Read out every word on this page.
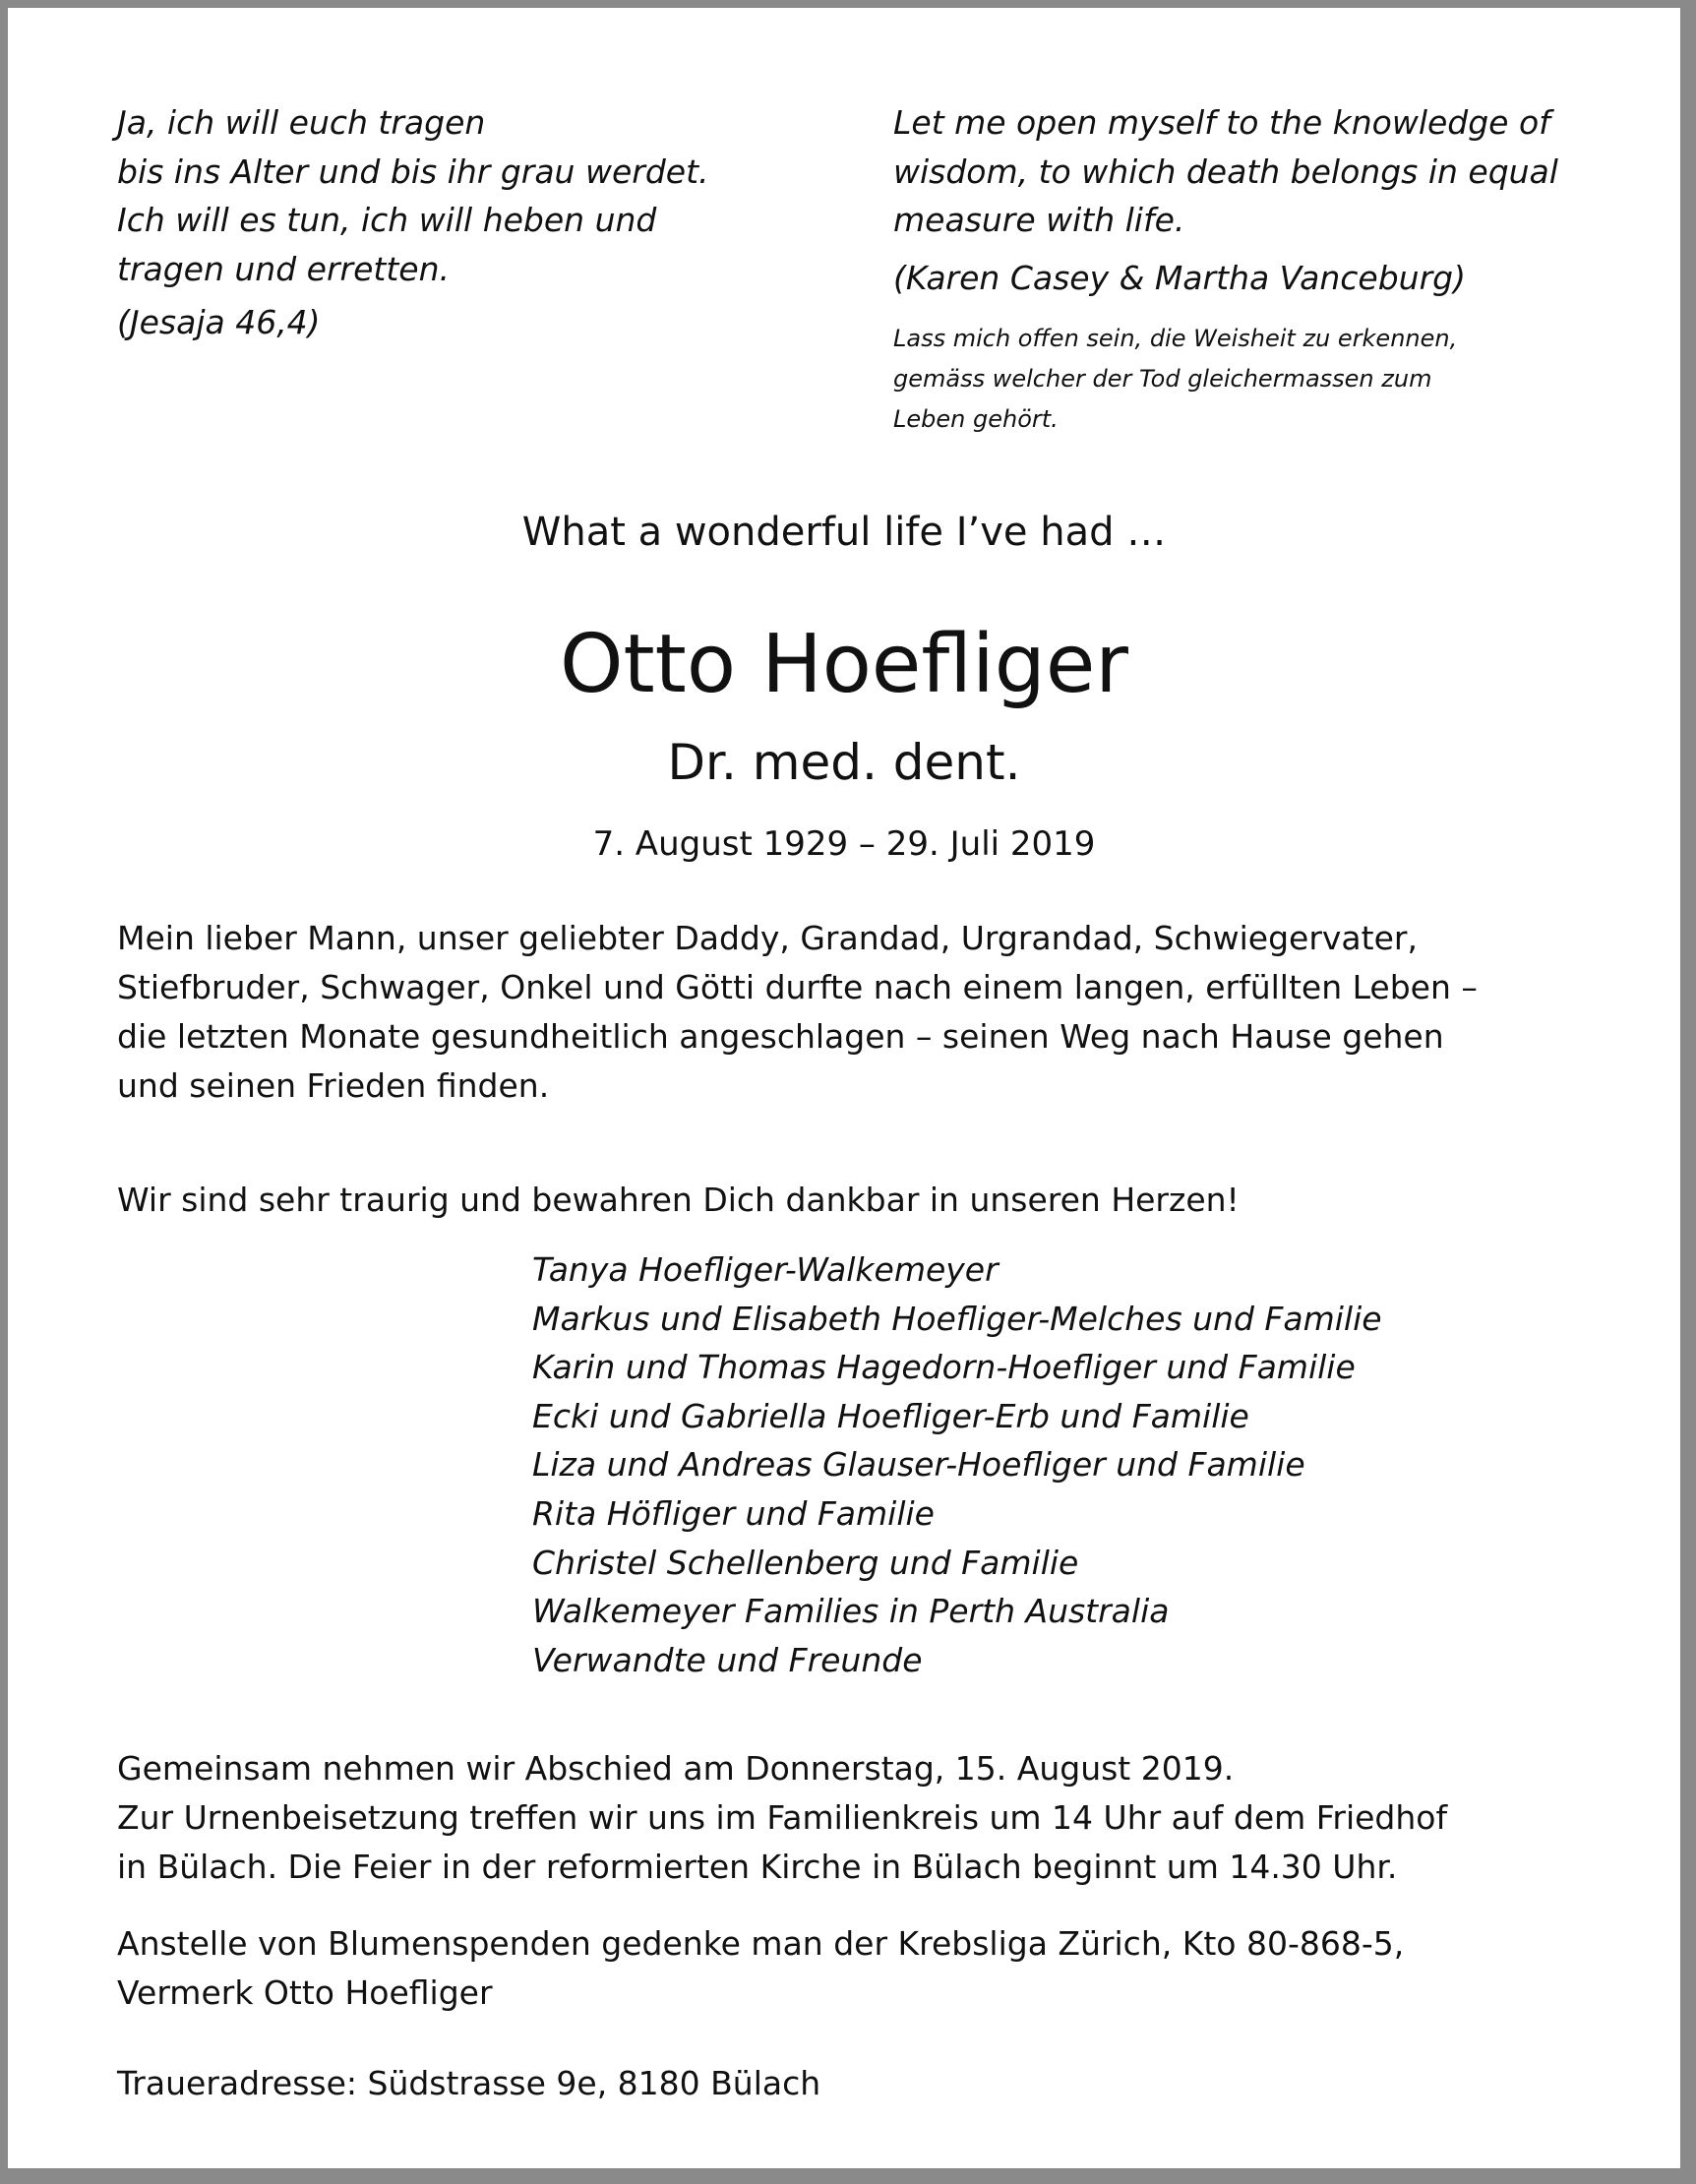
Ja, ich will euch tragen
bis ins Alter und bis ihr grau werdet.
Ich will es tun, ich will heben und
tragen und erretten.
(Jesaja 46,4)
Let me open myself to the knowledge of
wisdom, to which death belongs in equal
measure with life.
(Karen Casey & Martha Vanceburg)
Lass mich offen sein, die Weisheit zu erkennen,
gemäss welcher der Tod gleichermassen zum
Leben gehört.
What a wonderful life I’ve had …
Otto Hoefliger
Dr. med. dent.
7. August 1929 – 29. Juli 2019
Mein lieber Mann, unser geliebter Daddy, Grandad, Urgrandad, Schwiegervater,
Stiefbruder, Schwager, Onkel und Götti durfte nach einem langen, erfüllten Leben –
die letzten Monate gesundheitlich angeschlagen – seinen Weg nach Hause gehen
und seinen Frieden finden.
Wir sind sehr traurig und bewahren Dich dankbar in unseren Herzen!
Tanya Hoefliger-Walkemeyer
Markus und Elisabeth Hoefliger-Melches und Familie
Karin und Thomas Hagedorn-Hoefliger und Familie
Ecki und Gabriella Hoefliger-Erb und Familie
Liza und Andreas Glauser-Hoefliger und Familie
Rita Höfliger und Familie
Christel Schellenberg und Familie
Walkemeyer Families in Perth Australia
Verwandte und Freunde
Gemeinsam nehmen wir Abschied am Donnerstag, 15. August 2019.
Zur Urnenbeisetzung treffen wir uns im Familienkreis um 14 Uhr auf dem Friedhof
in Bülach. Die Feier in der reformierten Kirche in Bülach beginnt um 14.30 Uhr.
Anstelle von Blumenspenden gedenke man der Krebsliga Zürich, Kto 80-868-5,
Vermerk Otto Hoefliger
Traueradresse: Südstrasse 9e, 8180 Bülach
